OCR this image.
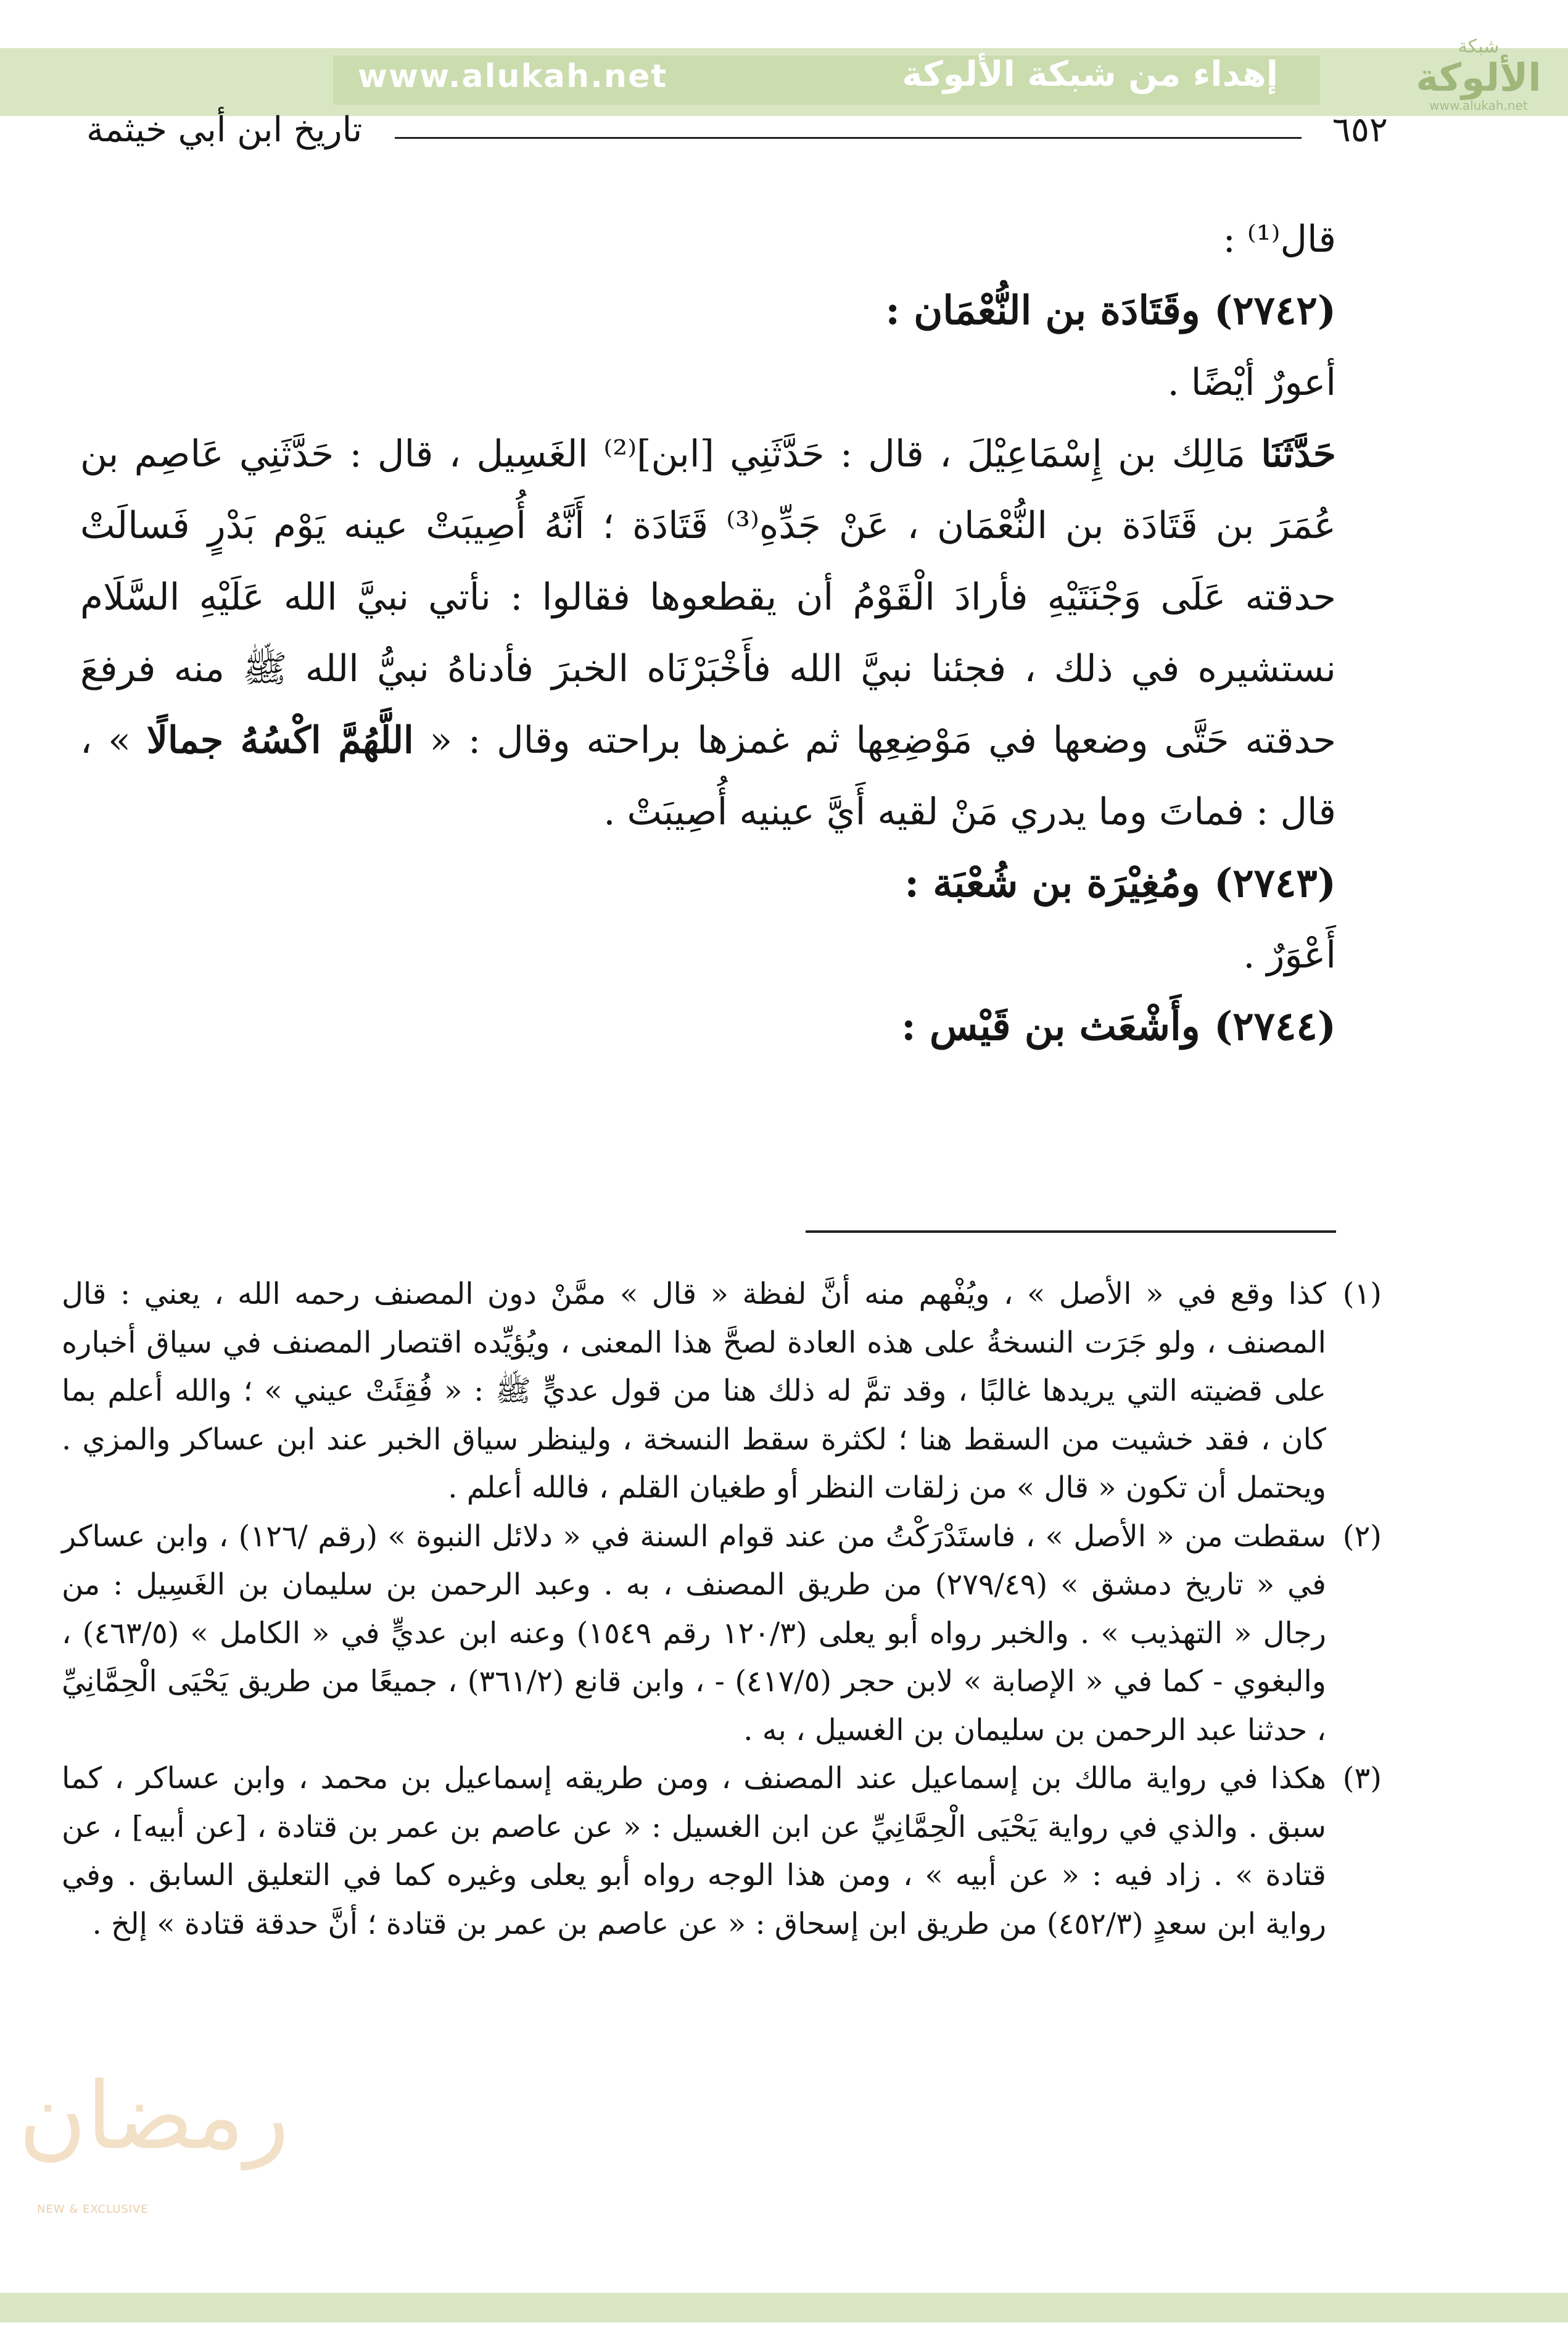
www.alukah.net	إهداء من شبكة الألوكة
شبكة
الألوكة
www.alukah.net
٦٥٢
تاريخ ابن أبي خيثمة

قال⁽¹⁾ :

(٢٧٤٢) وقَتَادَة بن النُّعْمَان :

أعورٌ أيْضًا .

حَدَّثَنَا مَالِك بن إِسْمَاعِيْلَ ، قال : حَدَّثَنِي [ابن]⁽²⁾ الغَسِيل ، قال : حَدَّثَنِي عَاصِم بن عُمَرَ بن قَتَادَة بن النُّعْمَان ، عَنْ جَدِّهِ⁽³⁾ قَتَادَة ؛ أَنَّهُ أُصِيبَتْ عينه يَوْم بَدْرٍ فَسالَتْ حدقته عَلَى وَجْنَتَيْهِ فأرادَ الْقَوْمُ أن يقطعوها فقالوا : نأتي نبيَّ الله عَلَيْهِ السَّلَام نستشيره في ذلك ، فجئنا نبيَّ الله فأَخْبَرْنَاه الخبرَ فأدناهُ نبيُّ الله ﷺ منه فرفعَ حدقته حَتَّى وضعها في مَوْضِعِها ثم غمزها براحته وقال : « اللَّهُمَّ اكْسُهُ جمالًا » ، قال : فماتَ وما يدري مَنْ لقيه أَيَّ عينيه أُصِيبَتْ .

(٢٧٤٣) ومُغِيْرَة بن شُعْبَة :

أَعْوَرٌ .

(٢٧٤٤) وأَشْعَث بن قَيْس :

(١)
كذا وقع في « الأصل » ، ويُفْهم منه أنَّ لفظة « قال » ممَّنْ دون المصنف رحمه الله ، يعني : قال المصنف ، ولو جَرَت النسخةُ على هذه العادة لصحَّ هذا المعنى ، ويُؤيِّده اقتصار المصنف في سياق أخباره على قضيته التي يريدها غالبًا ، وقد تمَّ له ذلك هنا من قول عديٍّ ﷺ : « فُقِئَتْ عيني » ؛ والله أعلم بما كان ، فقد خشيت من السقط هنا ؛ لكثرة سقط النسخة ، ولينظر سياق الخبر عند ابن عساكر والمزي . ويحتمل أن تكون « قال » من زلقات النظر أو طغيان القلم ، فالله أعلم .
(٢)
سقطت من « الأصل » ، فاستَدْرَكْتُ من عند قوام السنة في « دلائل النبوة » (رقم /١٢٦) ، وابن عساكر في « تاريخ دمشق » (٢٧٩/٤٩) من طريق المصنف ، به . وعبد الرحمن بن سليمان بن الغَسِيل : من رجال « التهذيب » . والخبر رواه أبو يعلى (١٢٠/٣ رقم ١٥٤٩) وعنه ابن عديٍّ في « الكامل » (٤٦٣/٥) ، والبغوي - كما في « الإصابة » لابن حجر (٤١٧/٥) - ، وابن قانع (٣٦١/٢) ، جميعًا من طريق يَحْيَى الْحِمَّانِيِّ ، حدثنا عبد الرحمن بن سليمان بن الغسيل ، به .
(٣)
هكذا في رواية مالك بن إسماعيل عند المصنف ، ومن طريقه إسماعيل بن محمد ، وابن عساكر ، كما سبق . والذي في رواية يَحْيَى الْحِمَّانِيِّ عن ابن الغسيل : « عن عاصم بن عمر بن قتادة ، [عن أبيه] ، عن قتادة » . زاد فيه : « عن أبيه » ، ومن هذا الوجه رواه أبو يعلى وغيره كما في التعليق السابق . وفي رواية ابن سعدٍ (٤٥٢/٣) من طريق ابن إسحاق : « عن عاصم بن عمر بن قتادة ؛ أنَّ حدقة قتادة » إلخ .
رمضان
NEW & EXCLUSIVE
